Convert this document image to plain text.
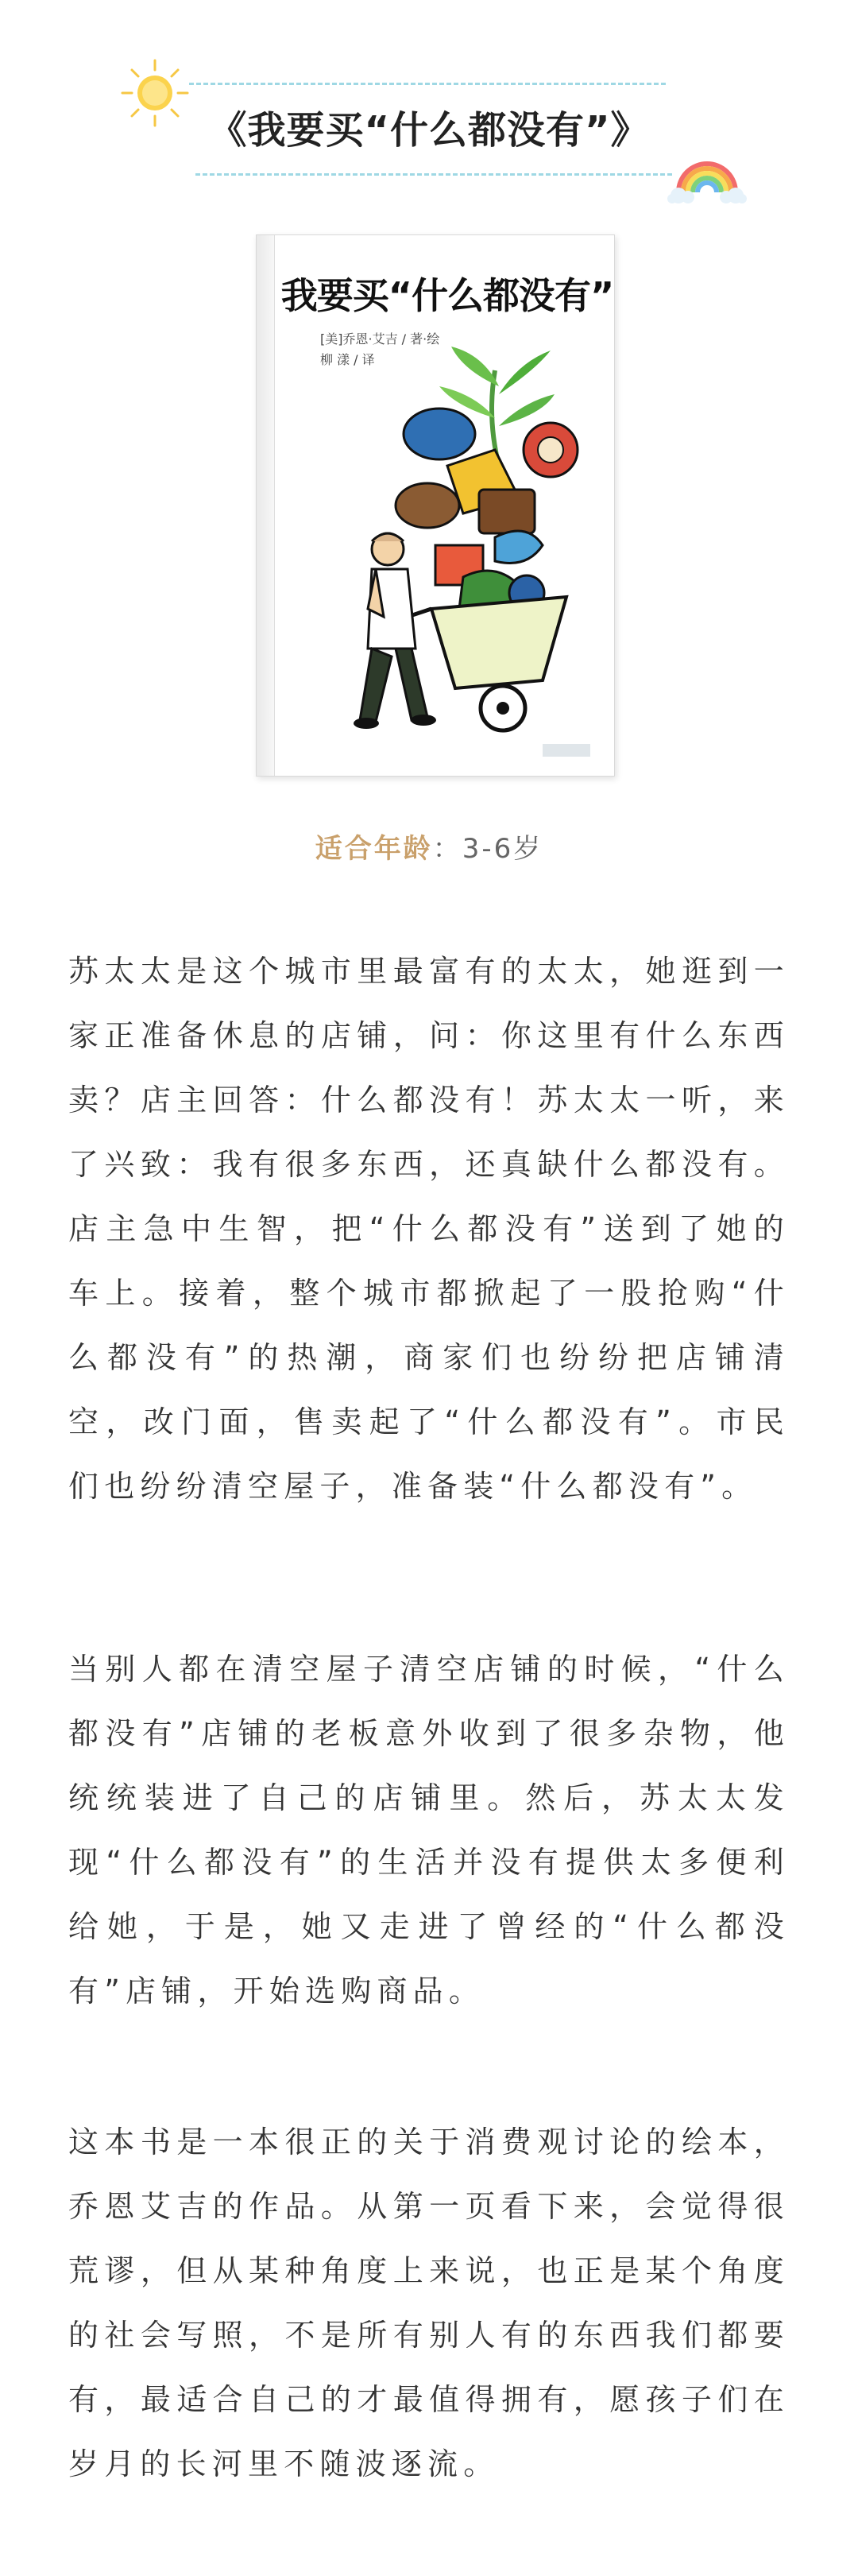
《我要买“什么都没有”》
我要买“什么都没有”
[美]乔恩·艾吉 / 著·绘
柳 漾 / 译
适合年龄：3-6岁

苏太太是这个城市里最富有的太太，她逛到一家正准备休息的店铺，问：你这里有什么东西卖？店主回答：什么都没有！苏太太一听，来了兴致：我有很多东西，还真缺什么都没有。店主急中生智，把“什么都没有”送到了她的车上。接着，整个城市都掀起了一股抢购“什么都没有”的热潮，商家们也纷纷把店铺清空，改门面，售卖起了“什么都没有”。市民们也纷纷清空屋子，准备装“什么都没有”。

当别人都在清空屋子清空店铺的时候，“什么都没有”店铺的老板意外收到了很多杂物，他统统装进了自己的店铺里。然后，苏太太发现“什么都没有”的生活并没有提供太多便利给她，于是，她又走进了曾经的“什么都没有”店铺，开始选购商品。

这本书是一本很正的关于消费观讨论的绘本，乔恩艾吉的作品。从第一页看下来，会觉得很荒谬，但从某种角度上来说，也正是某个角度的社会写照，不是所有别人有的东西我们都要有，最适合自己的才最值得拥有，愿孩子们在岁月的长河里不随波逐流。
